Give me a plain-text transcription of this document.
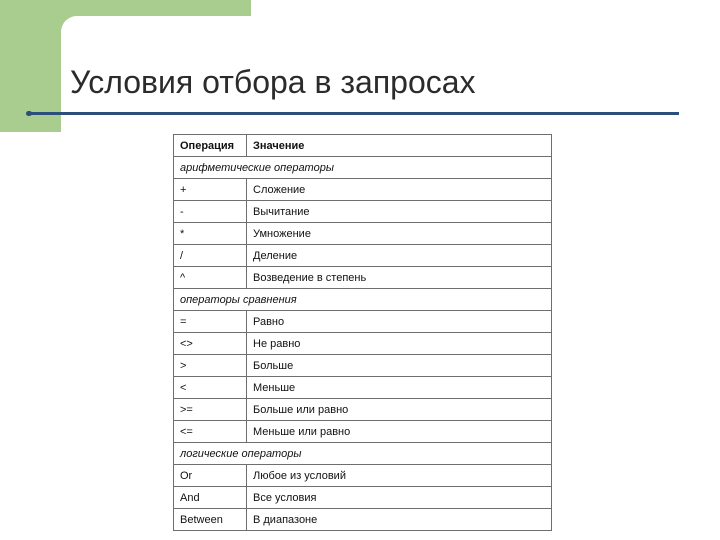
Условия отбора в запросах
Операция	Значение
арифметические операторы	
+	Сложение
-	Вычитание
*	Умножение
/	Деление
^	Возведение в степень
операторы сравнения	
=	Равно
<>	Не равно
>	Больше
<	Меньше
>=	Больше или равно
<=	Меньше или равно
логические операторы	
Or	Любое из условий
And	Все условия
Between	В диапазоне
